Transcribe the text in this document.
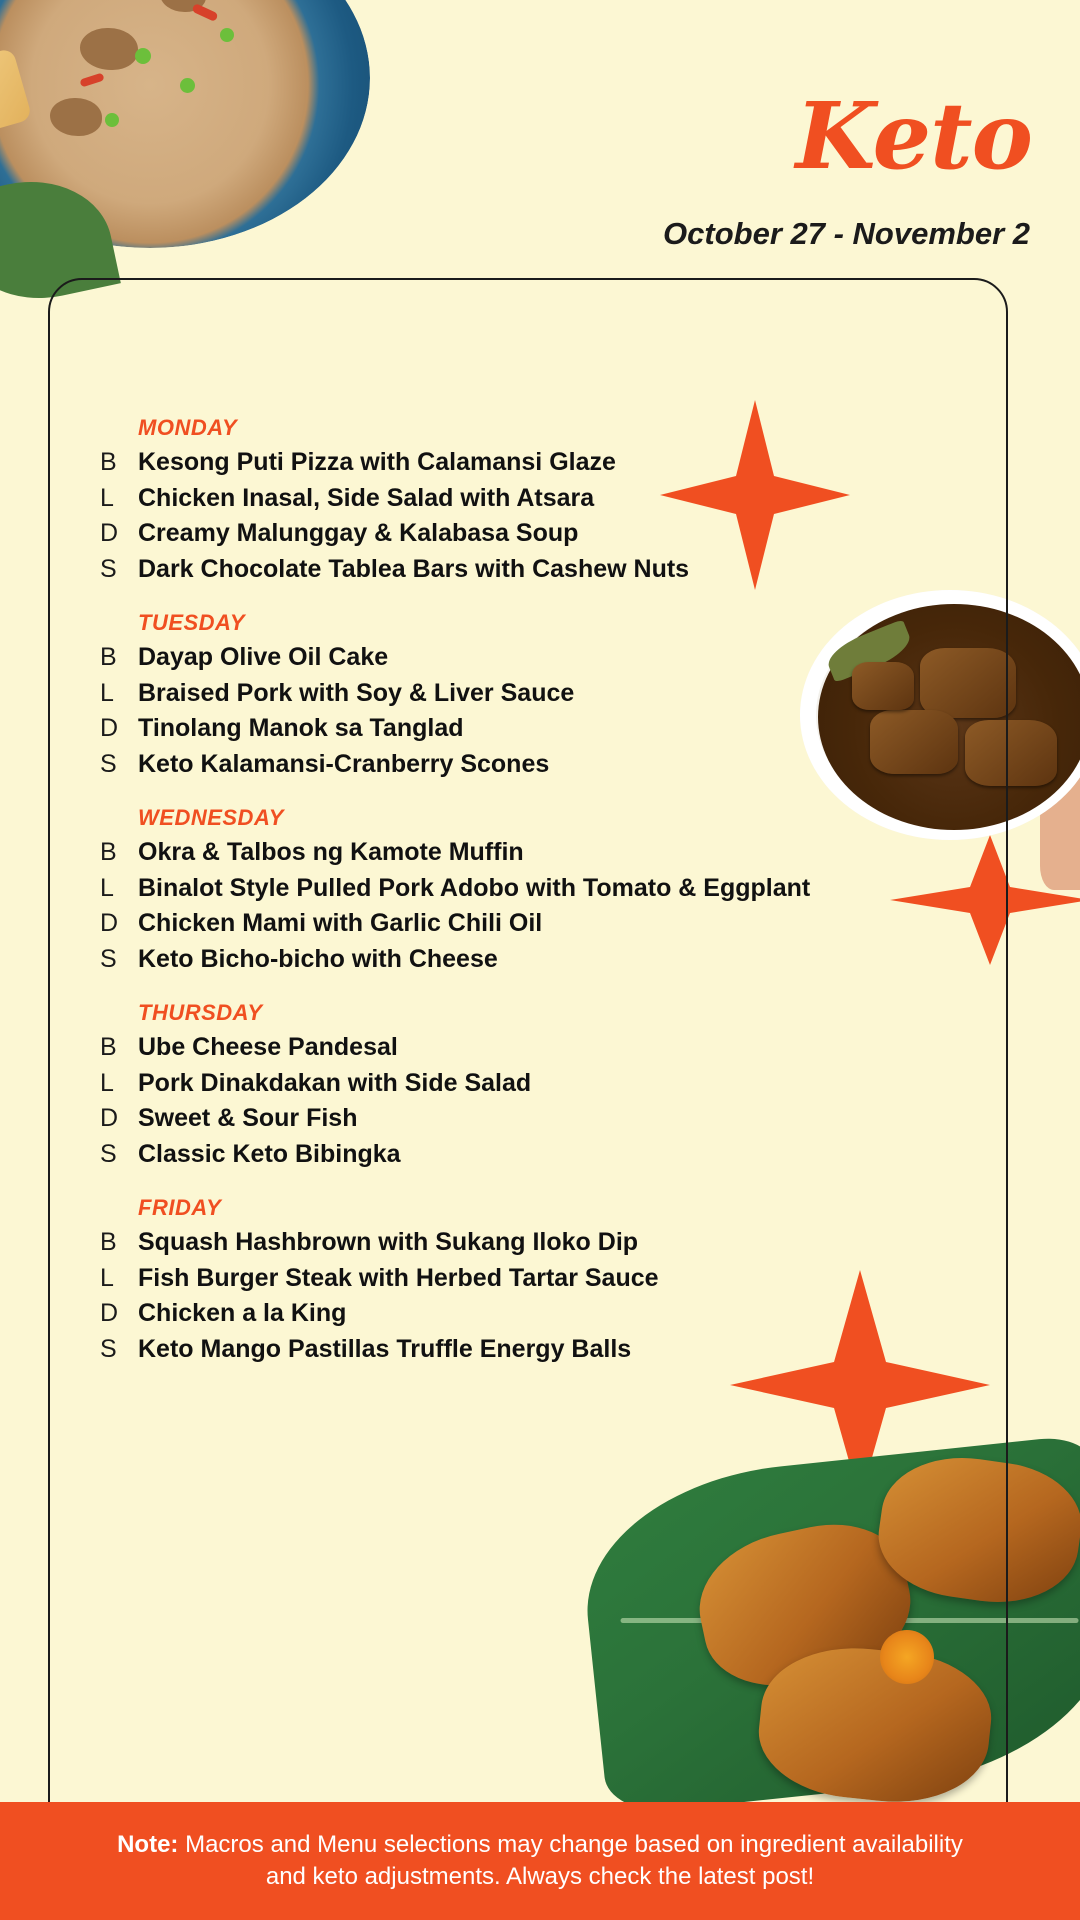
Keto
October 27 - November 2
MONDAY
B Kesong Puti Pizza with Calamansi Glaze
L Chicken Inasal, Side Salad with Atsara
D Creamy Malunggay & Kalabasa Soup
S Dark Chocolate Tablea Bars with Cashew Nuts
TUESDAY
B Dayap Olive Oil Cake
L Braised Pork with Soy & Liver Sauce
D Tinolang Manok sa Tanglad
S Keto Kalamansi-Cranberry Scones
WEDNESDAY
B Okra & Talbos ng Kamote Muffin
L Binalot Style Pulled Pork Adobo with Tomato & Eggplant
D Chicken Mami with Garlic Chili Oil
S Keto Bicho-bicho with Cheese
THURSDAY
B Ube Cheese Pandesal
L Pork Dinakdakan with Side Salad
D Sweet & Sour Fish
S Classic Keto Bibingka
FRIDAY
B Squash Hashbrown with Sukang Iloko Dip
L Fish Burger Steak with Herbed Tartar Sauce
D Chicken a la King
S Keto Mango Pastillas Truffle Energy Balls
Note: Macros and Menu selections may change based on ingredient availability
and keto adjustments. Always check the latest post!
